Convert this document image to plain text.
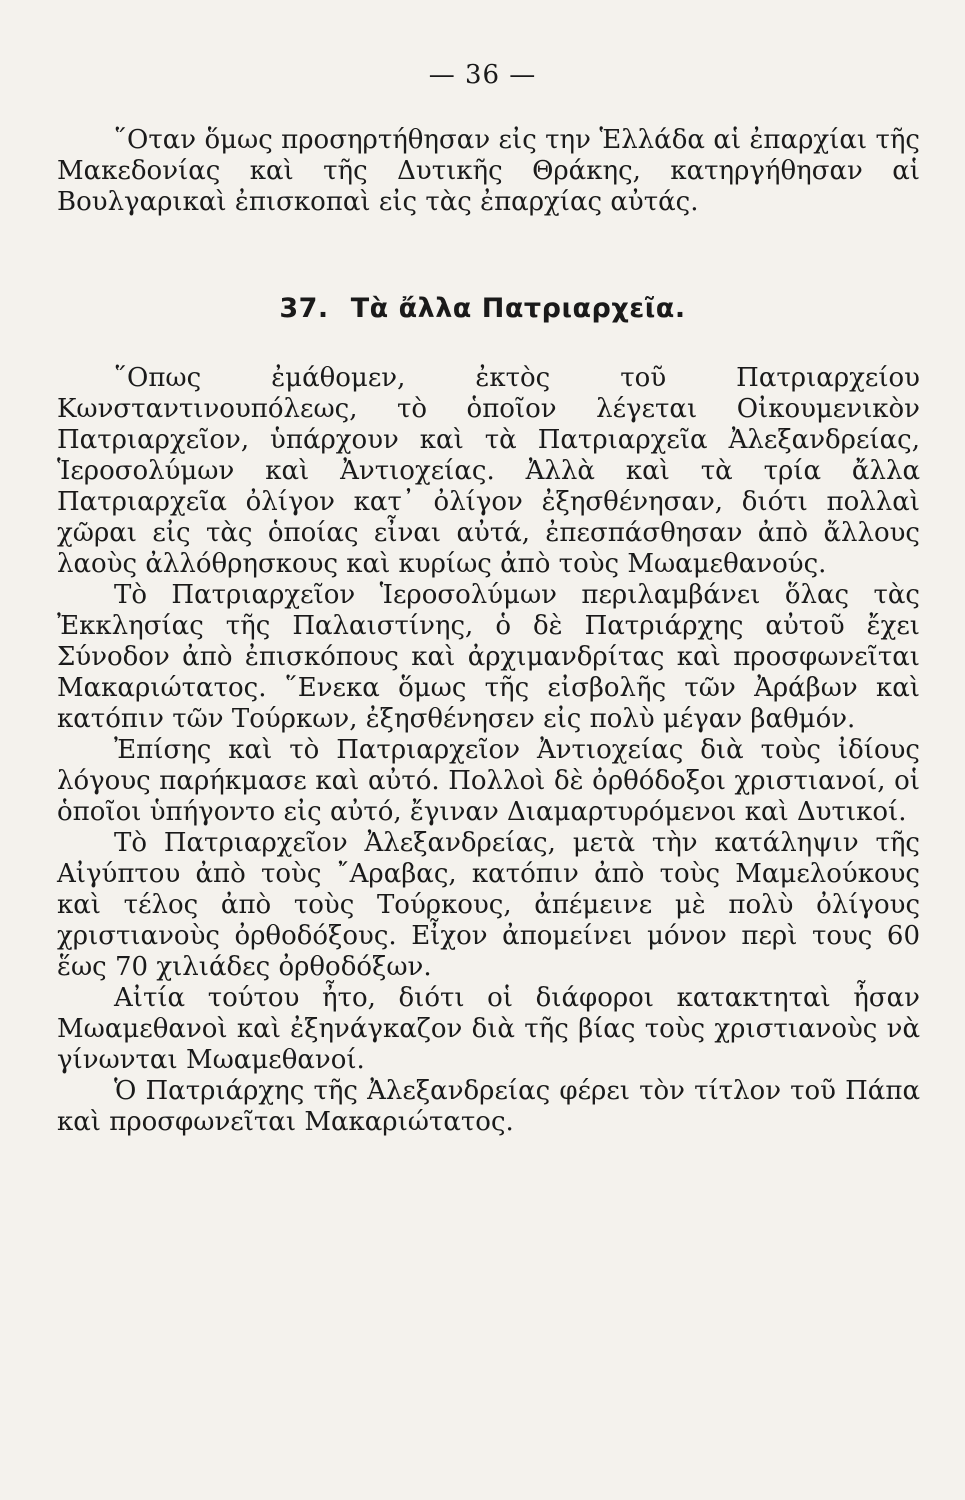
— 36 —

῞Οταν ὅμως προσηρτήθησαν εἰς την Ἑλλάδα αἱ ἐπαρχίαι τῆς Μακεδονίας καὶ τῆς Δυτικῆς Θράκης, κατηργήθησαν αἱ Βουλγαρικαὶ ἐπισκοπαὶ εἰς τὰς ἐπαρχίας αὐτάς.

37. Τὰ ἄλλα Πατριαρχεῖα.

῞Οπως ἐμάθομεν, ἐκτὸς τοῦ Πατριαρχείου Κωνσταντινουπόλεως, τὸ ὁποῖον λέγεται Οἰκουμενικὸν Πατριαρχεῖον, ὑπάρχουν καὶ τὰ Πατριαρχεῖα Ἀλεξανδρείας, Ἱεροσολύμων καὶ Ἀντιοχείας. Ἀλλὰ καὶ τὰ τρία ἄλλα Πατριαρχεῖα ὀλίγον κατ᾽ ὀλίγον ἐξησθένησαν, διότι πολλαὶ χῶραι εἰς τὰς ὁποίας εἶναι αὐτά, ἐπεσπάσθησαν ἀπὸ ἄλλους λαοὺς ἀλλόθρησκους καὶ κυρίως ἀπὸ τοὺς Μωαμεθανούς.

Τὸ Πατριαρχεῖον Ἱεροσολύμων περιλαμβάνει ὅλας τὰς Ἐκκλησίας τῆς Παλαιστίνης, ὁ δὲ Πατριάρχης αὐτοῦ ἔχει Σύνοδον ἀπὸ ἐπισκόπους καὶ ἀρχιμανδρίτας καὶ προσφωνεῖται Μακαριώτατος. ῞Ενεκα ὅμως τῆς εἰσβολῆς τῶν Ἀράβων καὶ κατόπιν τῶν Τούρκων, ἐξησθένησεν εἰς πολὺ μέγαν βαθμόν.

Ἐπίσης καὶ τὸ Πατριαρχεῖον Ἀντιοχείας διὰ τοὺς ἰδίους λόγους παρήκμασε καὶ αὐτό. Πολλοὶ δὲ ὀρθόδοξοι χριστιανοί, οἱ ὁποῖοι ὑπήγοντο εἰς αὐτό, ἔγιναν Διαμαρτυρόμενοι καὶ Δυτικοί.

Τὸ Πατριαρχεῖον Ἀλεξανδρείας, μετὰ τὴν κατάληψιν τῆς Αἰγύπτου ἀπὸ τοὺς ῎Αραβας, κατόπιν ἀπὸ τοὺς Μαμελούκους καὶ τέλος ἀπὸ τοὺς Τούρκους, ἀπέμεινε μὲ πολὺ ὀλίγους χριστιανοὺς ὀρθοδόξους. Εἶχον ἀπομείνει μόνον περὶ τους 60 ἕως 70 χιλιάδες ὀρθοδόξων.

Αἰτία τούτου ἦτο, διότι οἱ διάφοροι κατακτηταὶ ἦσαν Μωαμεθανοὶ καὶ ἐξηνάγκαζον διὰ τῆς βίας τοὺς χριστιανοὺς νὰ γίνωνται Μωαμεθανοί.

Ὁ Πατριάρχης τῆς Ἀλεξανδρείας φέρει τὸν τίτλον τοῦ Πάπα καὶ προσφωνεῖται Μακαριώτατος.
